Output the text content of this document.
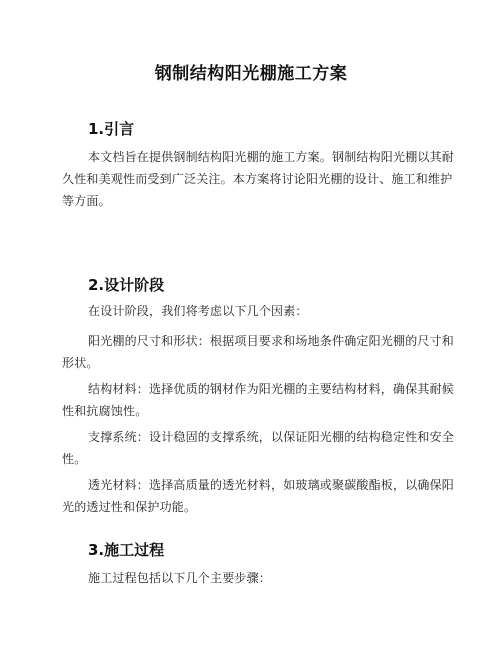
钢制结构阳光棚施工方案
1.引言
本文档旨在提供钢制结构阳光棚的施工方案。钢制结构阳光棚以其耐久性和美观性而受到广泛关注。本方案将讨论阳光棚的设计、施工和维护等方面。
2.设计阶段
在设计阶段，我们将考虑以下几个因素：
阳光棚的尺寸和形状：根据项目要求和场地条件确定阳光棚的尺寸和形状。
结构材料：选择优质的钢材作为阳光棚的主要结构材料，确保其耐候性和抗腐蚀性。
支撑系统：设计稳固的支撑系统，以保证阳光棚的结构稳定性和安全性。
透光材料：选择高质量的透光材料，如玻璃或聚碳酸酯板，以确保阳光的透过性和保护功能。
3.施工过程
施工过程包括以下几个主要步骤：
